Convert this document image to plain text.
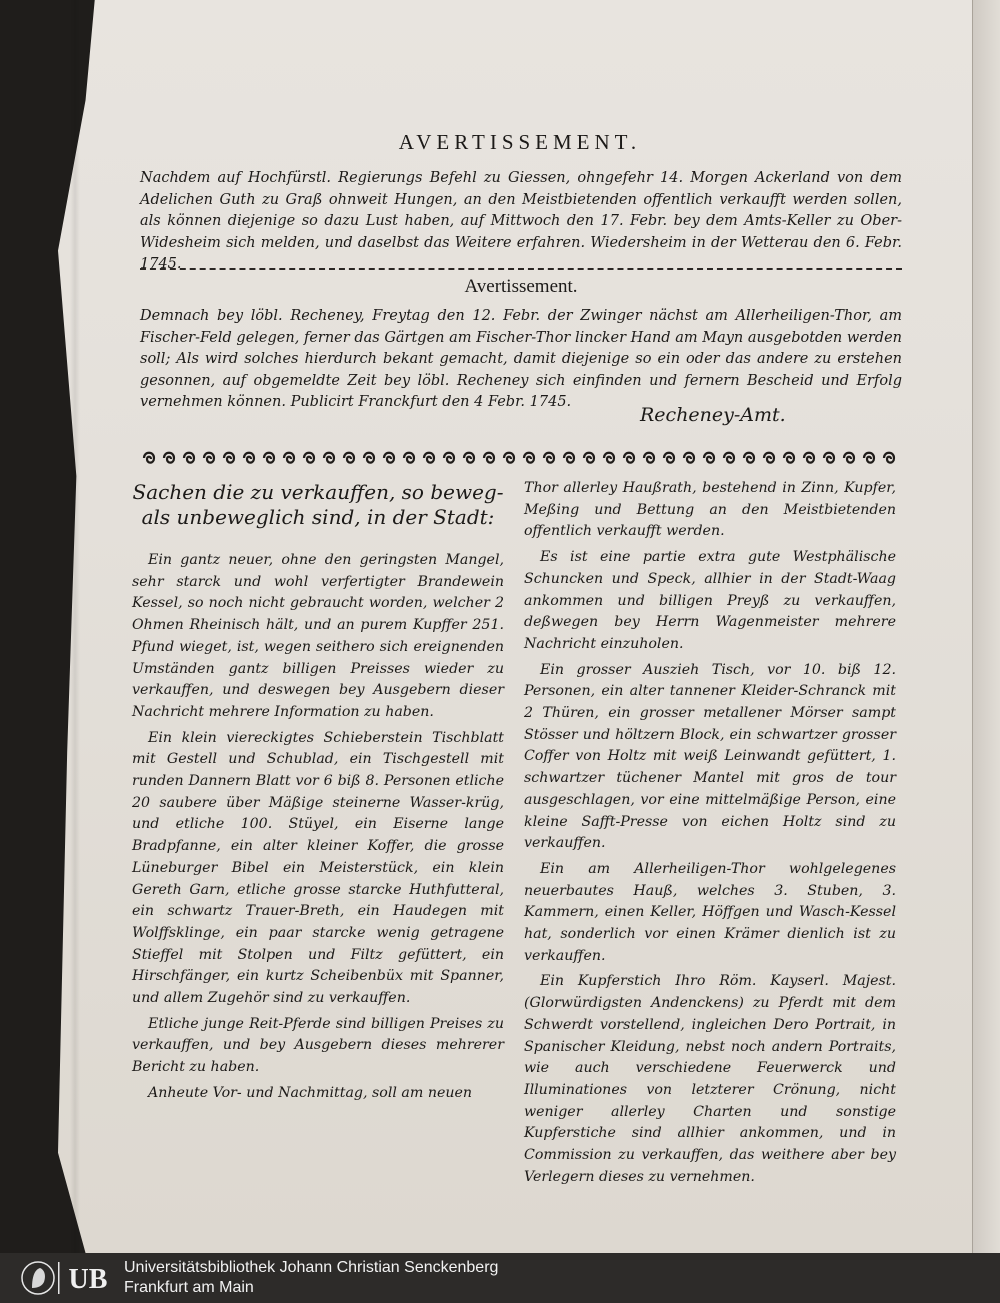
AVERTISSEMENT.
Nachdem auf Hochfürstl. Regierungs Befehl zu Giessen, ohngefehr 14. Morgen Ackerland von dem Adelichen Guth zu Graß ohnweit Hungen, an den Meistbietenden offentlich verkaufft werden sollen, als können diejenige so dazu Lust haben, auf Mittwoch den 17. Febr. bey dem Amts-Keller zu Ober-Widesheim sich melden, und daselbst das Weitere erfahren. Wiedersheim in der Wetterau den 6. Febr. 1745.
Avertissement.
Demnach bey löbl. Recheney, Freytag den 12. Febr. der Zwinger nächst am Allerheiligen-Thor, am Fischer-Feld gelegen, ferner das Gärtgen am Fischer-Thor lincker Hand am Mayn ausgebotden werden soll; Als wird solches hierdurch bekant gemacht, damit diejenige so ein oder das andere zu erstehen gesonnen, auf obgemeldte Zeit bey löbl. Recheney sich einfinden und fernern Bescheid und Erfolg vernehmen können. Publicirt Franckfurt den 4 Febr. 1745.
Recheney-Amt.
Sachen die zu verkauffen, so beweg- als unbeweglich sind, in der Stadt:

Ein gantz neuer, ohne den geringsten Mangel, sehr starck und wohl verfertigter Brandewein Kessel, so noch nicht gebraucht worden, welcher 2 Ohmen Rheinisch hält, und an purem Kupffer 251. Pfund wieget, ist, wegen seithero sich ereignenden Umständen gantz billigen Preisses wieder zu verkauffen, und deswegen bey Ausgebern dieser Nachricht mehrere Information zu haben.

Ein klein viereckigtes Schieberstein Tischblatt mit Gestell und Schublad, ein Tischgestell mit runden Dannern Blatt vor 6 biß 8. Personen etliche 20 saubere über Mäßige steinerne Wasser-krüg, und etliche 100. Stüyel, ein Eiserne lange Bradpfanne, ein alter kleiner Koffer, die grosse Lüneburger Bibel ein Meisterstück, ein klein Gereth Garn, etliche grosse starcke Huthfutteral, ein schwartz Trauer-Breth, ein Haudegen mit Wolffsklinge, ein paar starcke wenig getragene Stieffel mit Stolpen und Filtz gefüttert, ein Hirschfänger, ein kurtz Scheibenbüx mit Spanner, und allem Zugehör sind zu verkauffen.

Etliche junge Reit-Pferde sind billigen Preises zu verkauffen, und bey Ausgebern dieses mehrerer Bericht zu haben.

Anheute Vor- und Nachmittag, soll am neuen

Thor allerley Haußrath, bestehend in Zinn, Kupfer, Meßing und Bettung an den Meistbietenden offentlich verkaufft werden.

Es ist eine partie extra gute Westphälische Schuncken und Speck, allhier in der Stadt-Waag ankommen und billigen Preyß zu verkauffen, deßwegen bey Herrn Wagenmeister mehrere Nachricht einzuholen.

Ein grosser Auszieh Tisch, vor 10. biß 12. Personen, ein alter tannener Kleider-Schranck mit 2 Thüren, ein grosser metallener Mörser sampt Stösser und höltzern Block, ein schwartzer grosser Coffer von Holtz mit weiß Leinwandt gefüttert, 1. schwartzer tüchener Mantel mit gros de tour ausgeschlagen, vor eine mittelmäßige Person, eine kleine Safft-Presse von eichen Holtz sind zu verkauffen.

Ein am Allerheiligen-Thor wohlgelegenes neuerbautes Hauß, welches 3. Stuben, 3. Kammern, einen Keller, Höffgen und Wasch-Kessel hat, sonderlich vor einen Krämer dienlich ist zu verkauffen.

Ein Kupferstich Ihro Röm. Kayserl. Majest. (Glorwürdigsten Andenckens) zu Pferdt mit dem Schwerdt vorstellend, ingleichen Dero Portrait, in Spanischer Kleidung, nebst noch andern Portraits, wie auch verschiedene Feuerwerck und Illuminationes von letzterer Crönung, nicht weniger allerley Charten und sonstige Kupferstiche sind allhier ankommen, und in Commission zu verkauffen, das weithere aber bey Verlegern dieses zu vernehmen.

UB Universitätsbibliothek Johann Christian Senckenberg
Frankfurt am Main
